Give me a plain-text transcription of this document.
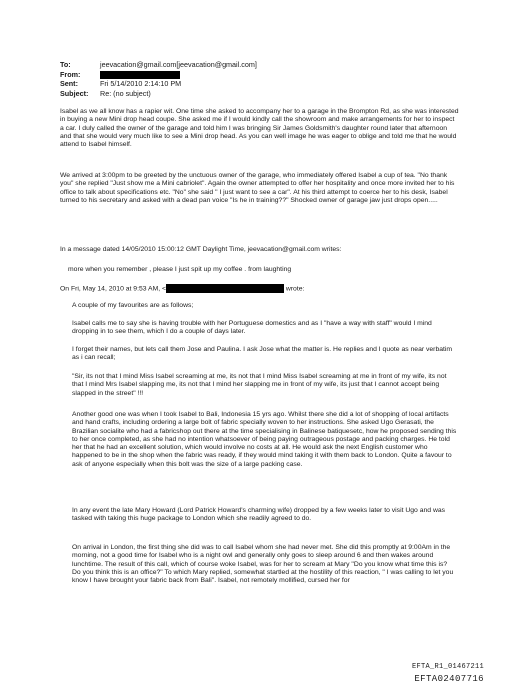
To:	jeevacation@gmail.com[jeevacation@gmail.com]
From:
Sent:	Fri 5/14/2010 2:14:10 PM
Subject:	Re: (no subject)

Isabel as we all know has a rapier wit. One time she asked to accompany her to a garage in the Brompton Rd, as she was interested in buying a new Mini drop head coupe. She asked me if I would kindly call the showroom and make arrangements for her to inspect a car. I duly called the owner of the garage and told him I was bringing Sir James Goldsmith's daughter round later that afternoon and that she would very much like to see a Mini drop head. As you can well image he was eager to oblige and told me that he would attend to Isabel himself.

We arrived at 3:00pm to be greeted by the unctuous owner of the garage, who immediately offered Isabel a cup of tea. "No thank you" she replied "Just show me a Mini cabriolet". Again the owner attempted to offer her hospitality and once more invited her to his office to talk about specifications etc. "No" she said " I just want to see a car". At his third attempt to coerce her to his desk, Isabel turned to his secretary and asked with a dead pan voice "Is he in training??" Shocked owner of garage jaw just drops open.....

In a message dated 14/05/2010 15:00:12 GMT Daylight Time, jeevacation@gmail.com writes:

more when you remember , please I just spit up my coffee . from laughting

On Fri, May 14, 2010 at 9:53 AM, <	wrote:

A couple of my favourites are as follows;

Isabel calls me to say she is having trouble with her Portuguese domestics and as I "have a way with staff" would I mind dropping in to see them, which I do a couple of days later.

I forget their names, but lets call them Jose and Paulina. I ask Jose what the matter is. He replies and I quote as near verbatim as i can recall;

"Sir, its not that I mind Miss Isabel screaming at me, its not that I mind Miss Isabel screaming at me in front of my wife, its not that I mind Mrs Isabel slapping me, its not that I mind her slapping me in front of my wife, its just that I cannot accept being slapped in the street" !!!

Another good one was when I took Isabel to Bali, Indonesia 15 yrs ago. Whilst there she did a lot of shopping of local artifacts and hand crafts, including ordering a large bolt of fabric specially woven to her instructions. She asked Ugo Gerasati, the Brazilian socialite who had a fabricshop out there at the time specialising in Balinese batiquesetc, how he proposed sending this to her once completed, as she had no intention whatsoever of being paying outrageous postage and packing charges. He told her that he had an excellent solution, which would involve no costs at all. He would ask the next English customer who happened to be in the shop when the fabric was ready, if they would mind taking it with them back to London. Quite a favour to ask of anyone especially when this bolt was the size of a large packing case.

In any event the late Mary Howard (Lord Patrick Howard's charming wife) dropped by a few weeks later to visit Ugo and was tasked with taking this huge package to London which she readily agreed to do.

On arrival in London, the first thing she did was to call Isabel whom she had never met. She did this promptly at 9:00Am in the morning, not a good time for Isabel who is a night owl and generally only goes to sleep around 6 and then wakes around lunchtime. The result of this call, which of course woke Isabel, was for her to scream at Mary "Do you know what time this is? Do you think this is an office?" To which Mary replied, somewhat startled at the hostility of this reaction, " I was calling to let you know I have brought your fabric back from Bali". Isabel, not remotely mollified, cursed her for

EFTA_R1_01467211
EFTA02407716
